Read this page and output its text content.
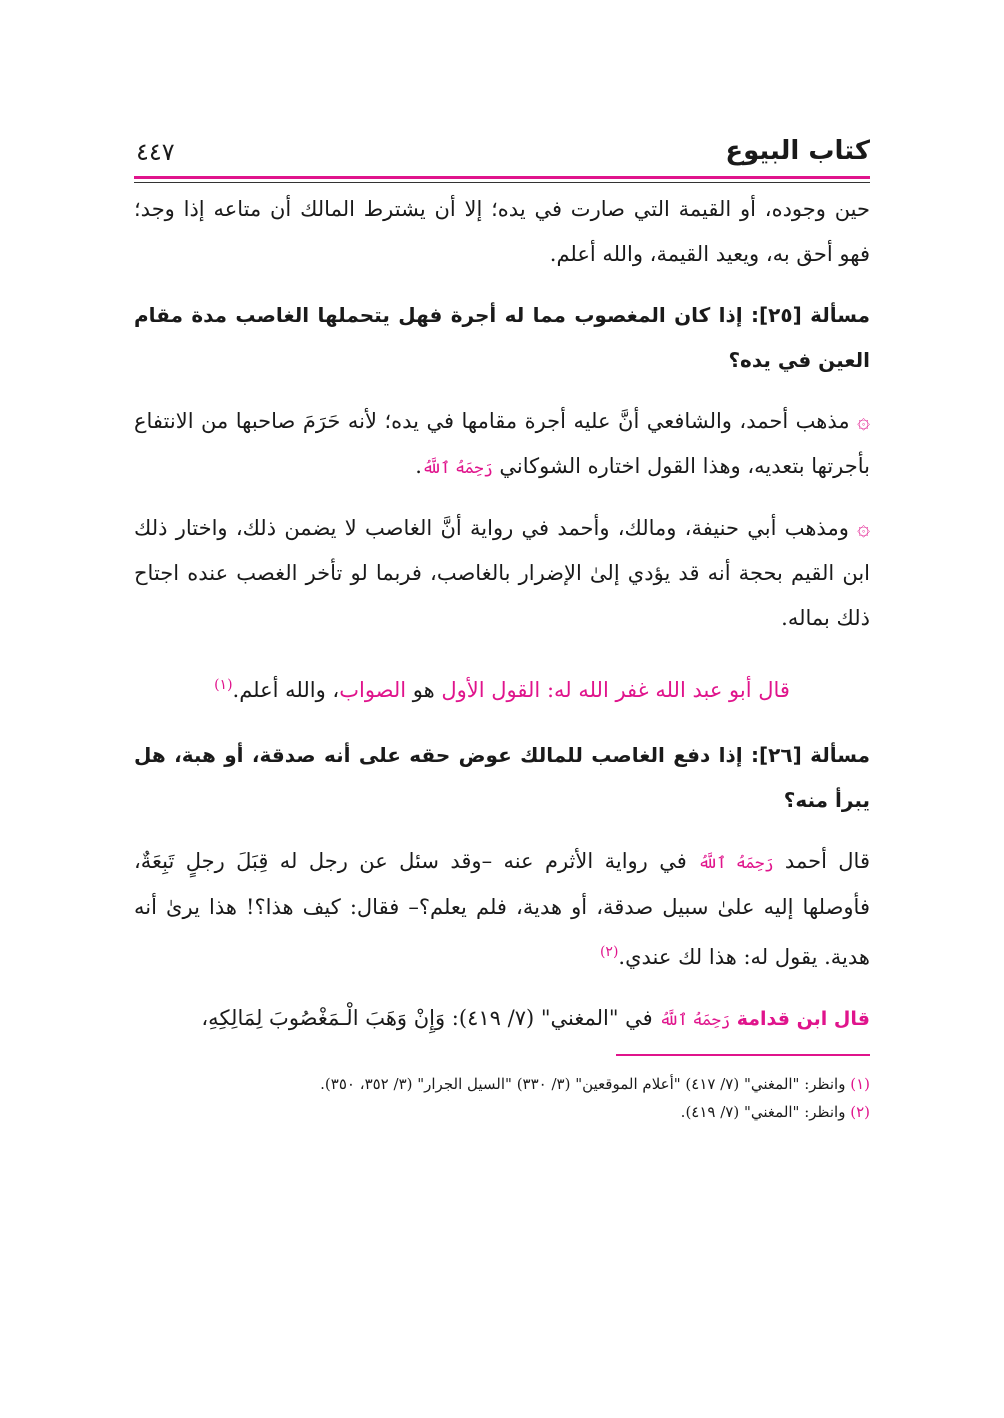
كتاب البيوع
٤٤٧

حين وجوده، أو القيمة التي صارت في يده؛ إلا أن يشترط المالك أن متاعه إذا وجد؛ فهو أحق به، ويعيد القيمة، والله أعلم.

مسألة [٢٥]: إذا كان المغصوب مما له أجرة فهل يتحملها الغاصب مدة مقام العين في يده؟

۞ مذهب أحمد، والشافعي أنَّ عليه أجرة مقامها في يده؛ لأنه حَرَمَ صاحبها من الانتفاع بأجرتها بتعديه، وهذا القول اختاره الشوكاني رَحِمَهُ ٱللَّهُ.

۞ ومذهب أبي حنيفة، ومالك، وأحمد في رواية أنَّ الغاصب لا يضمن ذلك، واختار ذلك ابن القيم بحجة أنه قد يؤدي إلىٰ الإضرار بالغاصب، فربما لو تأخر الغصب عنده اجتاح ذلك بماله.

قال أبو عبد الله غفر الله له: القول الأول هو الصواب، والله أعلم.$^{(١)}$

مسألة [٢٦]: إذا دفع الغاصب للمالك عوض حقه على أنه صدقة، أو هبة، هل يبرأ منه؟

قال أحمد رَحِمَهُ ٱللَّهُ في رواية الأثرم عنه –وقد سئل عن رجل له قِبَلَ رجلٍ تَبِعَةٌ، فأوصلها إليه علىٰ سبيل صدقة، أو هدية، فلم يعلم؟– فقال: كيف هذا؟! هذا يرىٰ أنه هدية. يقول له: هذا لك عندي.$^{(٢)}$

قال ابن قدامة رَحِمَهُ ٱللَّهُ في "المغني" (٧/ ٤١٩): وَإِنْ وَهَبَ الْـمَغْصُوبَ لِمَالِكِهِ،

(١) وانظر: "المغني" (٧/ ٤١٧) "أعلام الموقعين" (٣/ ٣٣٠) "السيل الجرار" (٣/ ٣٥٢، ٣٥٠).
(٢) وانظر: "المغني" (٧/ ٤١٩).
